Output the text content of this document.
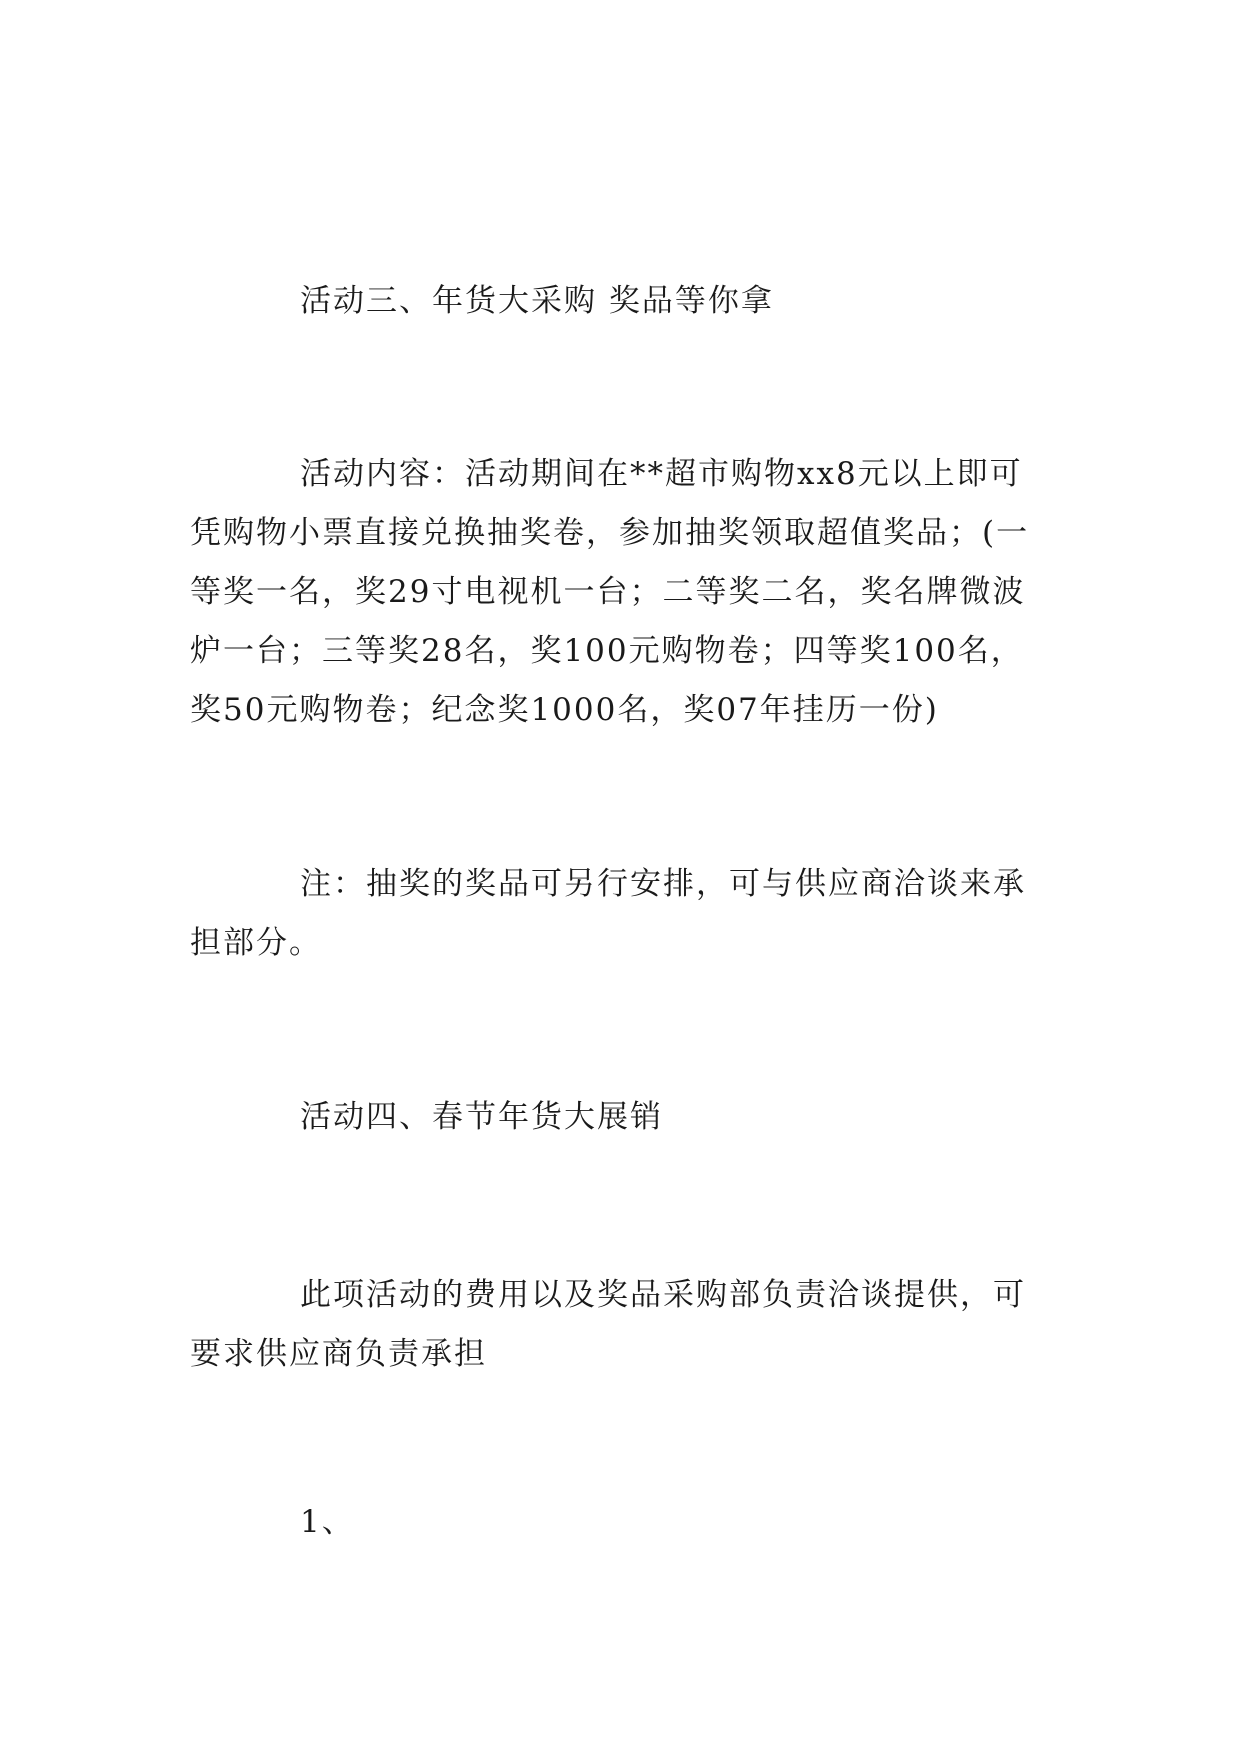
活动三、年货大采购 奖品等你拿

活动内容：活动期间在**超市购物xx8元以上即可凭购物小票直接兑换抽奖卷，参加抽奖领取超值奖品；(一等奖一名，奖29寸电视机一台；二等奖二名，奖名牌微波炉一台；三等奖28名，奖100元购物卷；四等奖100名，奖50元购物卷；纪念奖1000名，奖07年挂历一份)

注：抽奖的奖品可另行安排，可与供应商洽谈来承担部分。

活动四、春节年货大展销

此项活动的费用以及奖品采购部负责洽谈提供，可要求供应商负责承担

1、
